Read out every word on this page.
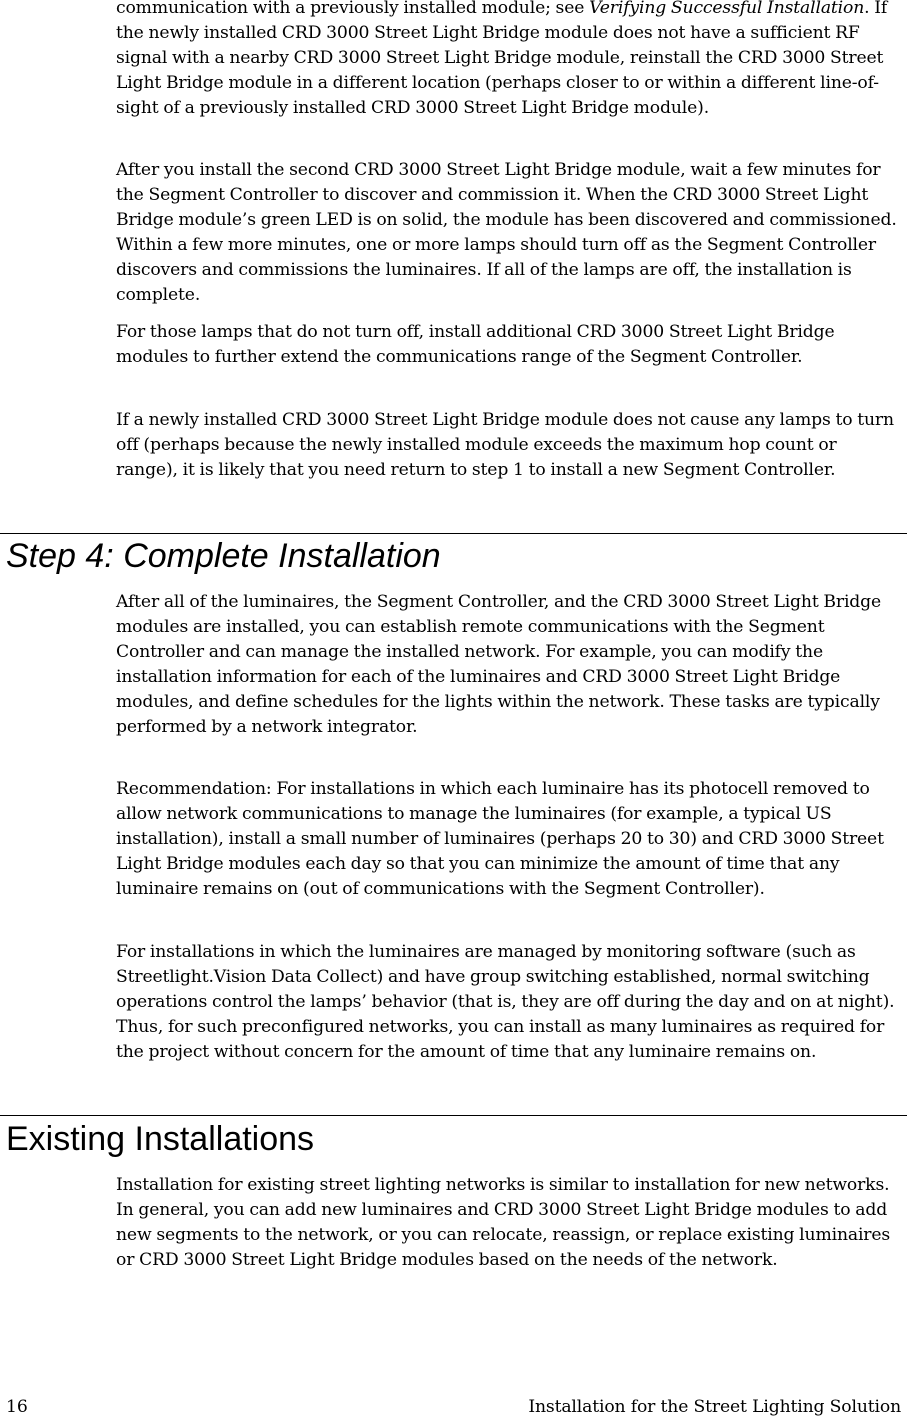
communication with a previously installed module; see Verifying Successful Installation. If the newly installed CRD 3000 Street Light Bridge module does not have a sufficient RF signal with a nearby CRD 3000 Street Light Bridge module, reinstall the CRD 3000 Street Light Bridge module in a different location (perhaps closer to or within a different line-of-sight of a previously installed CRD 3000 Street Light Bridge module).

After you install the second CRD 3000 Street Light Bridge module, wait a few minutes for the Segment Controller to discover and commission it. When the CRD 3000 Street Light Bridge module’s green LED is on solid, the module has been discovered and commissioned. Within a few more minutes, one or more lamps should turn off as the Segment Controller discovers and commissions the luminaires. If all of the lamps are off, the installation is complete.

For those lamps that do not turn off, install additional CRD 3000 Street Light Bridge modules to further extend the communications range of the Segment Controller.

If a newly installed CRD 3000 Street Light Bridge module does not cause any lamps to turn off (perhaps because the newly installed module exceeds the maximum hop count or range), it is likely that you need return to step 1 to install a new Segment Controller.

Step 4: Complete Installation

After all of the luminaires, the Segment Controller, and the CRD 3000 Street Light Bridge modules are installed, you can establish remote communications with the Segment Controller and can manage the installed network. For example, you can modify the installation information for each of the luminaires and CRD 3000 Street Light Bridge modules, and define schedules for the lights within the network. These tasks are typically performed by a network integrator.

Recommendation: For installations in which each luminaire has its photocell removed to allow network communications to manage the luminaires (for example, a typical US installation), install a small number of luminaires (perhaps 20 to 30) and CRD 3000 Street Light Bridge modules each day so that you can minimize the amount of time that any luminaire remains on (out of communications with the Segment Controller).

For installations in which the luminaires are managed by monitoring software (such as Streetlight.Vision Data Collect) and have group switching established, normal switching operations control the lamps’ behavior (that is, they are off during the day and on at night). Thus, for such preconfigured networks, you can install as many luminaires as required for the project without concern for the amount of time that any luminaire remains on.

Existing Installations

Installation for existing street lighting networks is similar to installation for new networks. In general, you can add new luminaires and CRD 3000 Street Light Bridge modules to add new segments to the network, or you can relocate, reassign, or replace existing luminaires or CRD 3000 Street Light Bridge modules based on the needs of the network.

16	Installation for the Street Lighting Solution
